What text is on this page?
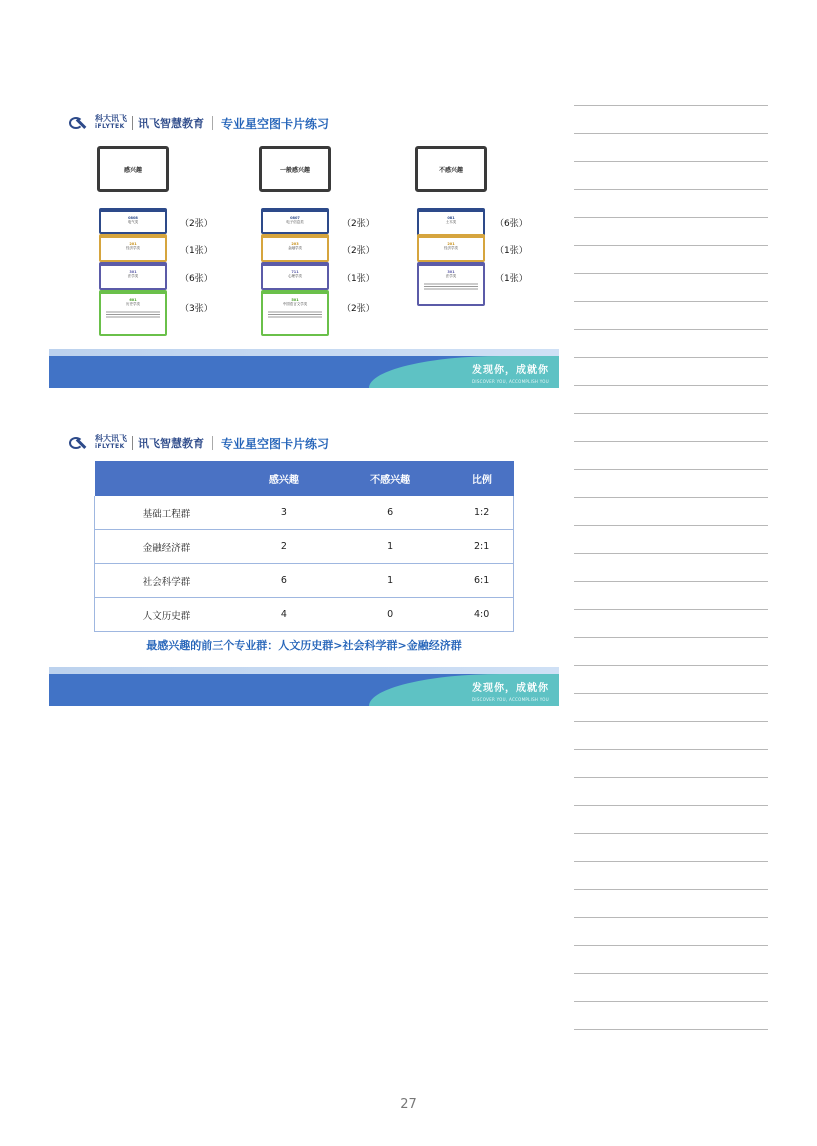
科大讯飞
iFLYTEK 讯飞智慧教育 专业星空图卡片练习
感兴趣
0808
电气类	（2张）
201
经济学类	（1张）
301
法学类	（6张）
601
历史学类	（3张）
一般感兴趣
0807
电子信息类	（2张）
203
金融学类	（2张）
711
心理学类	（1张）
501
中国语言文学类	（2张）
不感兴趣
081
土木类	（6张）
201
经济学类	（1张）
301
法学类	（1张）
发现你，成就你
DISCOVER YOU, ACCOMPLISH YOU
科大讯飞
iFLYTEK 讯飞智慧教育 专业星空图卡片练习
	感兴趣	不感兴趣	比例
基础工程群	3	6	1:2
金融经济群	2	1	2:1
社会科学群	6	1	6:1
人文历史群	4	0	4:0
最感兴趣的前三个专业群：人文历史群>社会科学群>金融经济群
发现你，成就你
DISCOVER YOU, ACCOMPLISH YOU
27
